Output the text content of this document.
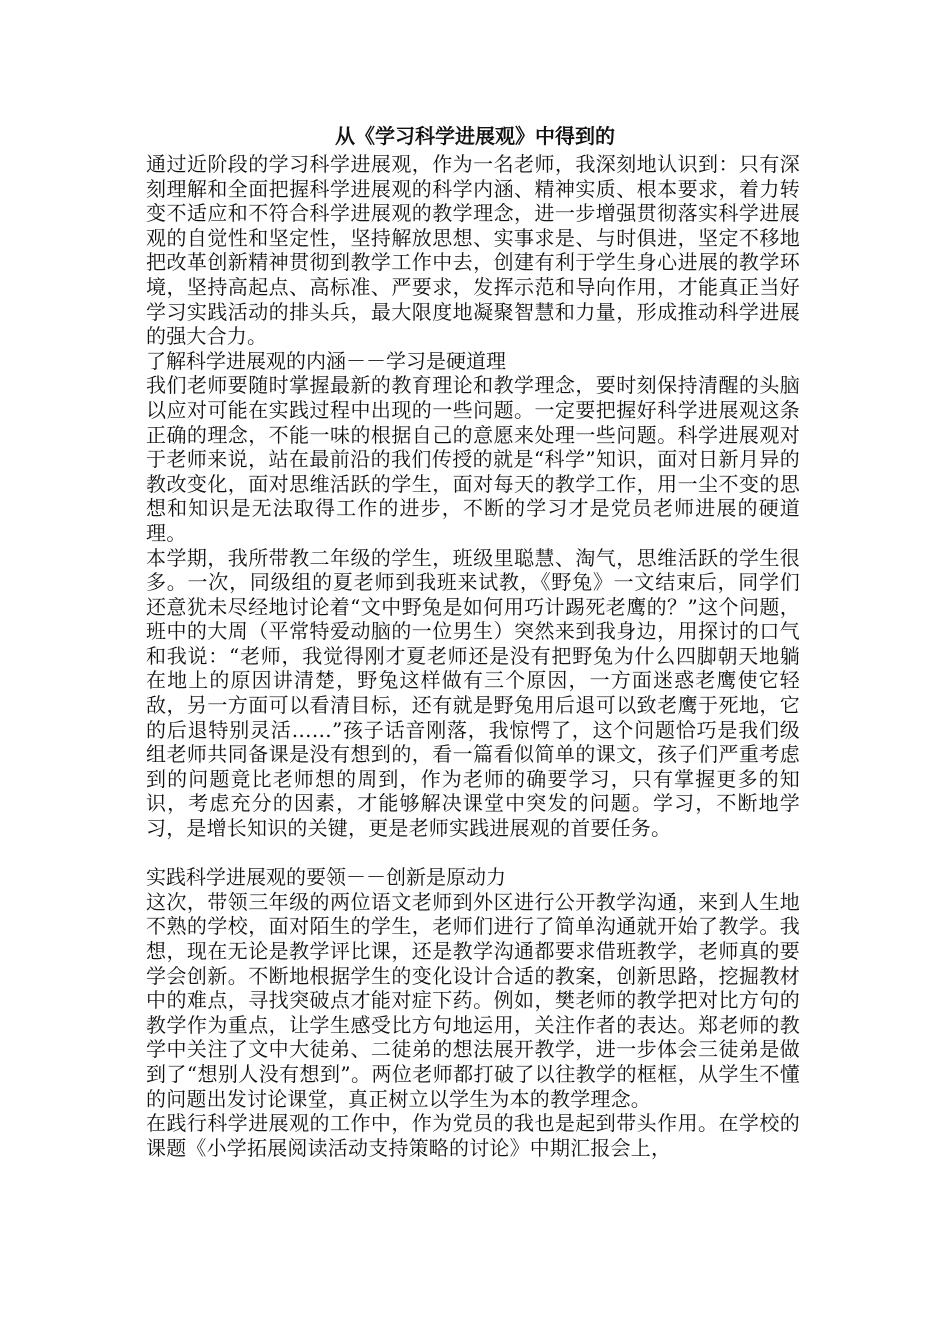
从《学习科学进展观》中得到的

通过近阶段的学习科学进展观，作为一名老师，我深刻地认识到：只有深刻理解和全面把握科学进展观的科学内涵、精神实质、根本要求，着力转变不适应和不符合科学进展观的教学理念，进一步增强贯彻落实科学进展观的自觉性和坚定性，坚持解放思想、实事求是、与时俱进，坚定不移地把改革创新精神贯彻到教学工作中去，创建有利于学生身心进展的教学环境，坚持高起点、高标准、严要求，发挥示范和导向作用，才能真正当好学习实践活动的排头兵，最大限度地凝聚智慧和力量，形成推动科学进展的强大合力。

了解科学进展观的内涵－－学习是硬道理

我们老师要随时掌握最新的教育理论和教学理念，要时刻保持清醒的头脑以应对可能在实践过程中出现的一些问题。一定要把握好科学进展观这条正确的理念，不能一味的根据自己的意愿来处理一些问题。科学进展观对于老师来说，站在最前沿的我们传授的就是“科学”知识，面对日新月异的教改变化，面对思维活跃的学生，面对每天的教学工作，用一尘不变的思想和知识是无法取得工作的进步，不断的学习才是党员老师进展的硬道理。

本学期，我所带教二年级的学生，班级里聪慧、淘气，思维活跃的学生很多。一次，同级组的夏老师到我班来试教，《野兔》一文结束后，同学们还意犹未尽经地讨论着“文中野兔是如何用巧计踢死老鹰的？”这个问题，班中的大周（平常特爱动脑的一位男生）突然来到我身边，用探讨的口气和我说：“老师，我觉得刚才夏老师还是没有把野兔为什么四脚朝天地躺在地上的原因讲清楚，野兔这样做有三个原因，一方面迷惑老鹰使它轻敌，另一方面可以看清目标，还有就是野兔用后退可以致老鹰于死地，它的后退特别灵活……”孩子话音刚落，我惊愕了，这个问题恰巧是我们级组老师共同备课是没有想到的，看一篇看似简单的课文，孩子们严重考虑到的问题竟比老师想的周到，作为老师的确要学习，只有掌握更多的知识，考虑充分的因素，才能够解决课堂中突发的问题。学习，不断地学习，是增长知识的关键，更是老师实践进展观的首要任务。

实践科学进展观的要领－－创新是原动力

这次，带领三年级的两位语文老师到外区进行公开教学沟通，来到人生地不熟的学校，面对陌生的学生，老师们进行了简单沟通就开始了教学。我想，现在无论是教学评比课，还是教学沟通都要求借班教学，老师真的要学会创新。不断地根据学生的变化设计合适的教案，创新思路，挖掘教材中的难点，寻找突破点才能对症下药。例如，樊老师的教学把对比方句的教学作为重点，让学生感受比方句地运用，关注作者的表达。郑老师的教学中关注了文中大徒弟、二徒弟的想法展开教学，进一步体会三徒弟是做到了“想别人没有想到”。两位老师都打破了以往教学的框框，从学生不懂的问题出发讨论课堂，真正树立以学生为本的教学理念。

在践行科学进展观的工作中，作为党员的我也是起到带头作用。在学校的课题《小学拓展阅读活动支持策略的讨论》中期汇报会上，
